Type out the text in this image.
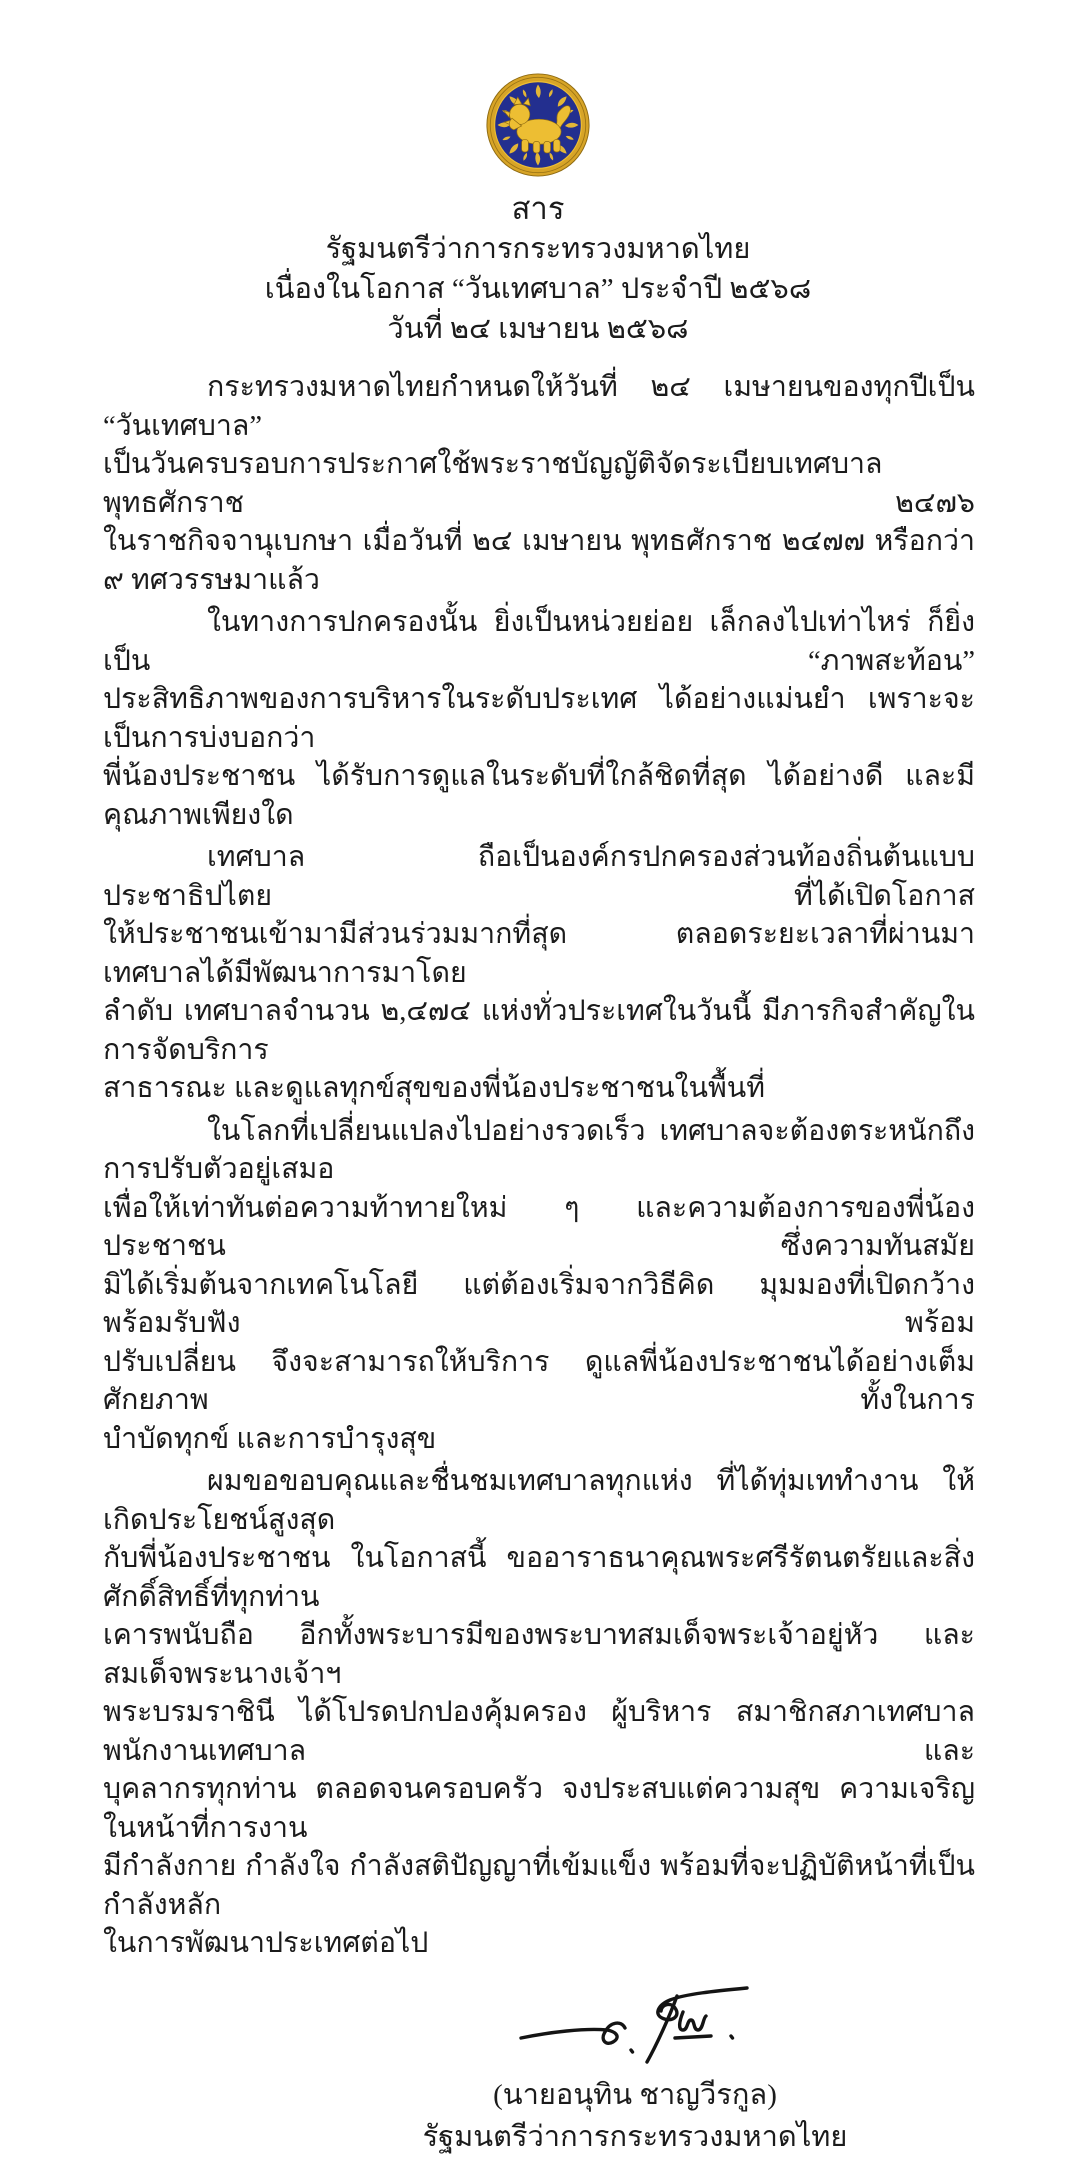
สาร
รัฐมนตรีว่าการกระทรวงมหาดไทย
เนื่องในโอกาส “วันเทศบาล” ประจำปี ๒๕๖๘
วันที่ ๒๔ เมษายน ๒๕๖๘
กระทรวงมหาดไทยกำหนดให้วันที่ ๒๔ เมษายนของทุกปีเป็น “วันเทศบาล”
เป็นวันครบรอบการประกาศใช้พระราชบัญญัติจัดระเบียบเทศบาล พุทธศักราช ๒๔๗๖
ในราชกิจจานุเบกษา เมื่อวันที่ ๒๔ เมษายน พุทธศักราช ๒๔๗๗ หรือกว่า ๙ ทศวรรษมาแล้ว
ในทางการปกครองนั้น ยิ่งเป็นหน่วยย่อย เล็กลงไปเท่าไหร่ ก็ยิ่งเป็น “ภาพสะท้อน”
ประสิทธิภาพของการบริหารในระดับประเทศ ได้อย่างแม่นยำ เพราะจะเป็นการบ่งบอกว่า
พี่น้องประชาชน ได้รับการดูแลในระดับที่ใกล้ชิดที่สุด ได้อย่างดี และมีคุณภาพเพียงใด
เทศบาล ถือเป็นองค์กรปกครองส่วนท้องถิ่นต้นแบบประชาธิปไตย ที่ได้เปิดโอกาส
ให้ประชาชนเข้ามามีส่วนร่วมมากที่สุด ตลอดระยะเวลาที่ผ่านมา เทศบาลได้มีพัฒนาการมาโดย
ลำดับ เทศบาลจำนวน ๒,๔๗๔ แห่งทั่วประเทศในวันนี้ มีภารกิจสำคัญในการจัดบริการ
สาธารณะ และดูแลทุกข์สุขของพี่น้องประชาชนในพื้นที่
ในโลกที่เปลี่ยนแปลงไปอย่างรวดเร็ว เทศบาลจะต้องตระหนักถึงการปรับตัวอยู่เสมอ
เพื่อให้เท่าทันต่อความท้าทายใหม่ ๆ และความต้องการของพี่น้องประชาชน ซึ่งความทันสมัย
มิได้เริ่มต้นจากเทคโนโลยี แต่ต้องเริ่มจากวิธีคิด มุมมองที่เปิดกว้าง พร้อมรับฟัง พร้อม
ปรับเปลี่ยน จึงจะสามารถให้บริการ ดูแลพี่น้องประชาชนได้อย่างเต็มศักยภาพ ทั้งในการ
บำบัดทุกข์ และการบำรุงสุข
ผมขอขอบคุณและชื่นชมเทศบาลทุกแห่ง ที่ได้ทุ่มเททำงาน ให้เกิดประโยชน์สูงสุด
กับพี่น้องประชาชน ในโอกาสนี้ ขออาราธนาคุณพระศรีรัตนตรัยและสิ่งศักดิ์สิทธิ์ที่ทุกท่าน
เคารพนับถือ อีกทั้งพระบารมีของพระบาทสมเด็จพระเจ้าอยู่หัว และสมเด็จพระนางเจ้าฯ
พระบรมราชินี ได้โปรดปกปองคุ้มครอง ผู้บริหาร สมาชิกสภาเทศบาล พนักงานเทศบาล และ
บุคลากรทุกท่าน ตลอดจนครอบครัว จงประสบแต่ความสุข ความเจริญ ในหน้าที่การงาน
มีกำลังกาย กำลังใจ กำลังสติปัญญาที่เข้มแข็ง พร้อมที่จะปฏิบัติหน้าที่เป็นกำลังหลัก
ในการพัฒนาประเทศต่อไป
(นายอนุทิน ชาญวีรกูล)
รัฐมนตรีว่าการกระทรวงมหาดไทย
